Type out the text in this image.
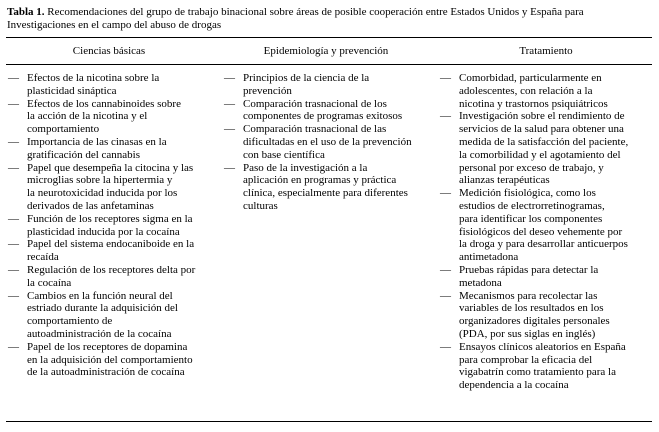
Tabla 1. Recomendaciones del grupo de trabajo binacional sobre áreas de posible cooperación entre Estados Unidos y España para Investigaciones en el campo del abuso de drogas
Ciencias básicas	Epidemiología y prevención	Tratamiento
— Efectos de la nicotina sobre la
plasticidad sináptica
— Efectos de los cannabinoides sobre
la acción de la nicotina y el
comportamiento
— Importancia de las cinasas en la
gratificación del cannabis
— Papel que desempeña la citocina y las
microglias sobre la hipertermia y
la neurotoxicidad inducida por los
derivados de las anfetaminas
— Función de los receptores sigma en la
plasticidad inducida por la cocaína
— Papel del sistema endocaniboide en la
recaída
— Regulación de los receptores delta por
la cocaína
— Cambios en la función neural del
estriado durante la adquisición del
comportamiento de
autoadministración de la cocaína
— Papel de los receptores de dopamina
en la adquisición del comportamiento
de la autoadministración de cocaína
— Principios de la ciencia de la
prevención
— Comparación trasnacional de los
componentes de programas exitosos
— Comparación trasnacional de las
dificultadas en el uso de la prevención
con base científica
— Paso de la investigación a la
aplicación en programas y práctica
clínica, especialmente para diferentes
culturas
— Comorbidad, particularmente en
adolescentes, con relación a la
nicotina y trastornos psiquiátricos
— Investigación sobre el rendimiento de
servicios de la salud para obtener una
medida de la satisfacción del paciente,
la comorbilidad y el agotamiento del
personal por exceso de trabajo, y
alianzas terapéuticas
— Medición fisiológica, como los
estudios de electrorretinogramas,
para identificar los componentes
fisiológicos del deseo vehemente por
la droga y para desarrollar anticuerpos
antimetadona
— Pruebas rápidas para detectar la
metadona
— Mecanismos para recolectar las
variables de los resultados en los
organizadores digitales personales
(PDA, por sus siglas en inglés)
— Ensayos clínicos aleatorios en España
para comprobar la eficacia del
vigabatrín como tratamiento para la
dependencia a la cocaína
